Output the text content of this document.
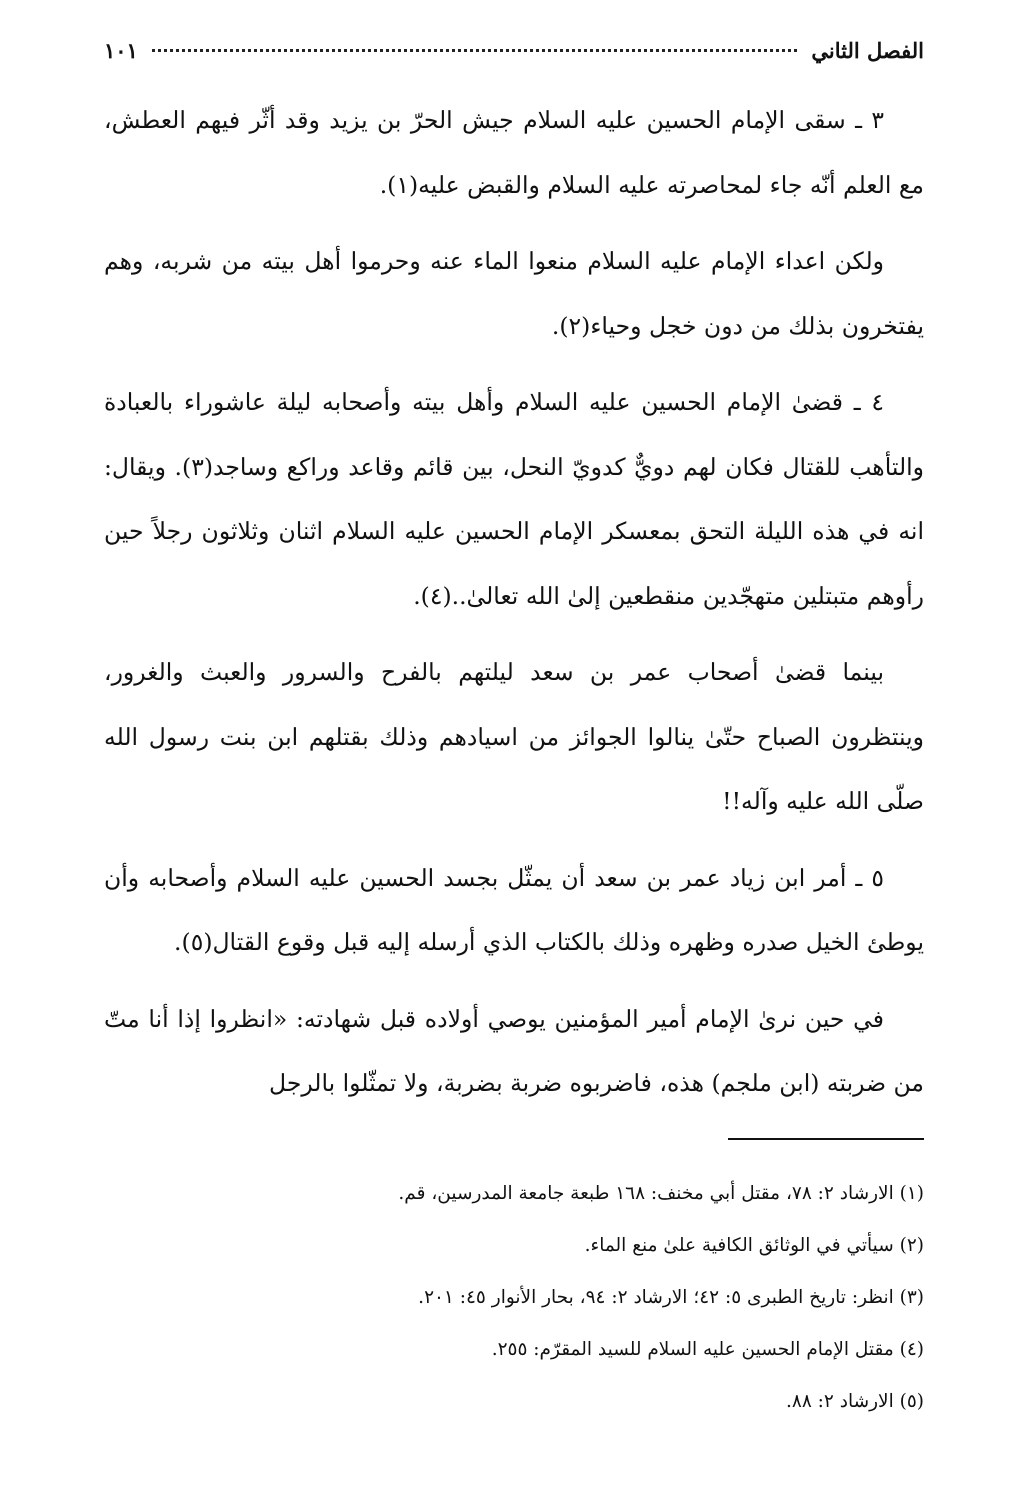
الفصل الثاني
١٠١

٣ ـ سقى الإمام الحسين عليه السلام جيش الحرّ بن يزيد وقد أثّر فيهم العطش، مع العلم أنّه جاء لمحاصرته عليه السلام والقبض عليه(١).

ولكن اعداء الإمام عليه السلام منعوا الماء عنه وحرموا أهل بيته من شربه، وهم يفتخرون بذلك من دون خجل وحياء(٢).

٤ ـ قضىٰ الإمام الحسين عليه السلام وأهل بيته وأصحابه ليلة عاشوراء بالعبادة والتأهب للقتال فكان لهم دويٌّ كدويّ النحل، بين قائم وقاعد وراكع وساجد(٣). ويقال: انه في هذه الليلة التحق بمعسكر الإمام الحسين عليه السلام اثنان وثلاثون رجلاً حين رأوهم متبتلين متهجّدين منقطعين إلىٰ الله تعالىٰ..(٤).

بينما قضىٰ أصحاب عمر بن سعد ليلتهم بالفرح والسرور والعبث والغرور، وينتظرون الصباح حتّىٰ ينالوا الجوائز من اسيادهم وذلك بقتلهم ابن بنت رسول الله صلّى الله عليه وآله!!

٥ ـ أمر ابن زياد عمر بن سعد أن يمثّل بجسد الحسين عليه السلام وأصحابه وأن يوطئ الخيل صدره وظهره وذلك بالكتاب الذي أرسله إليه قبل وقوع القتال(٥).

في حين نرىٰ الإمام أمير المؤمنين يوصي أولاده قبل شهادته: «انظروا إذا أنا متّ من ضربته (ابن ملجم) هذه، فاضربوه ضربة بضربة، ولا تمثّلوا بالرجل

(١) الارشاد ٢: ٧٨، مقتل أبي مخنف: ١٦٨ طبعة جامعة المدرسين، قم.
(٢) سيأتي في الوثائق الكافية علىٰ منع الماء.
(٣) انظر: تاريخ الطبرى ٥: ٤٢؛ الارشاد ٢: ٩٤، بحار الأنوار ٤٥: ٢٠١.
(٤) مقتل الإمام الحسين عليه السلام للسيد المقرّم: ٢٥٥.
(٥) الارشاد ٢: ٨٨.
